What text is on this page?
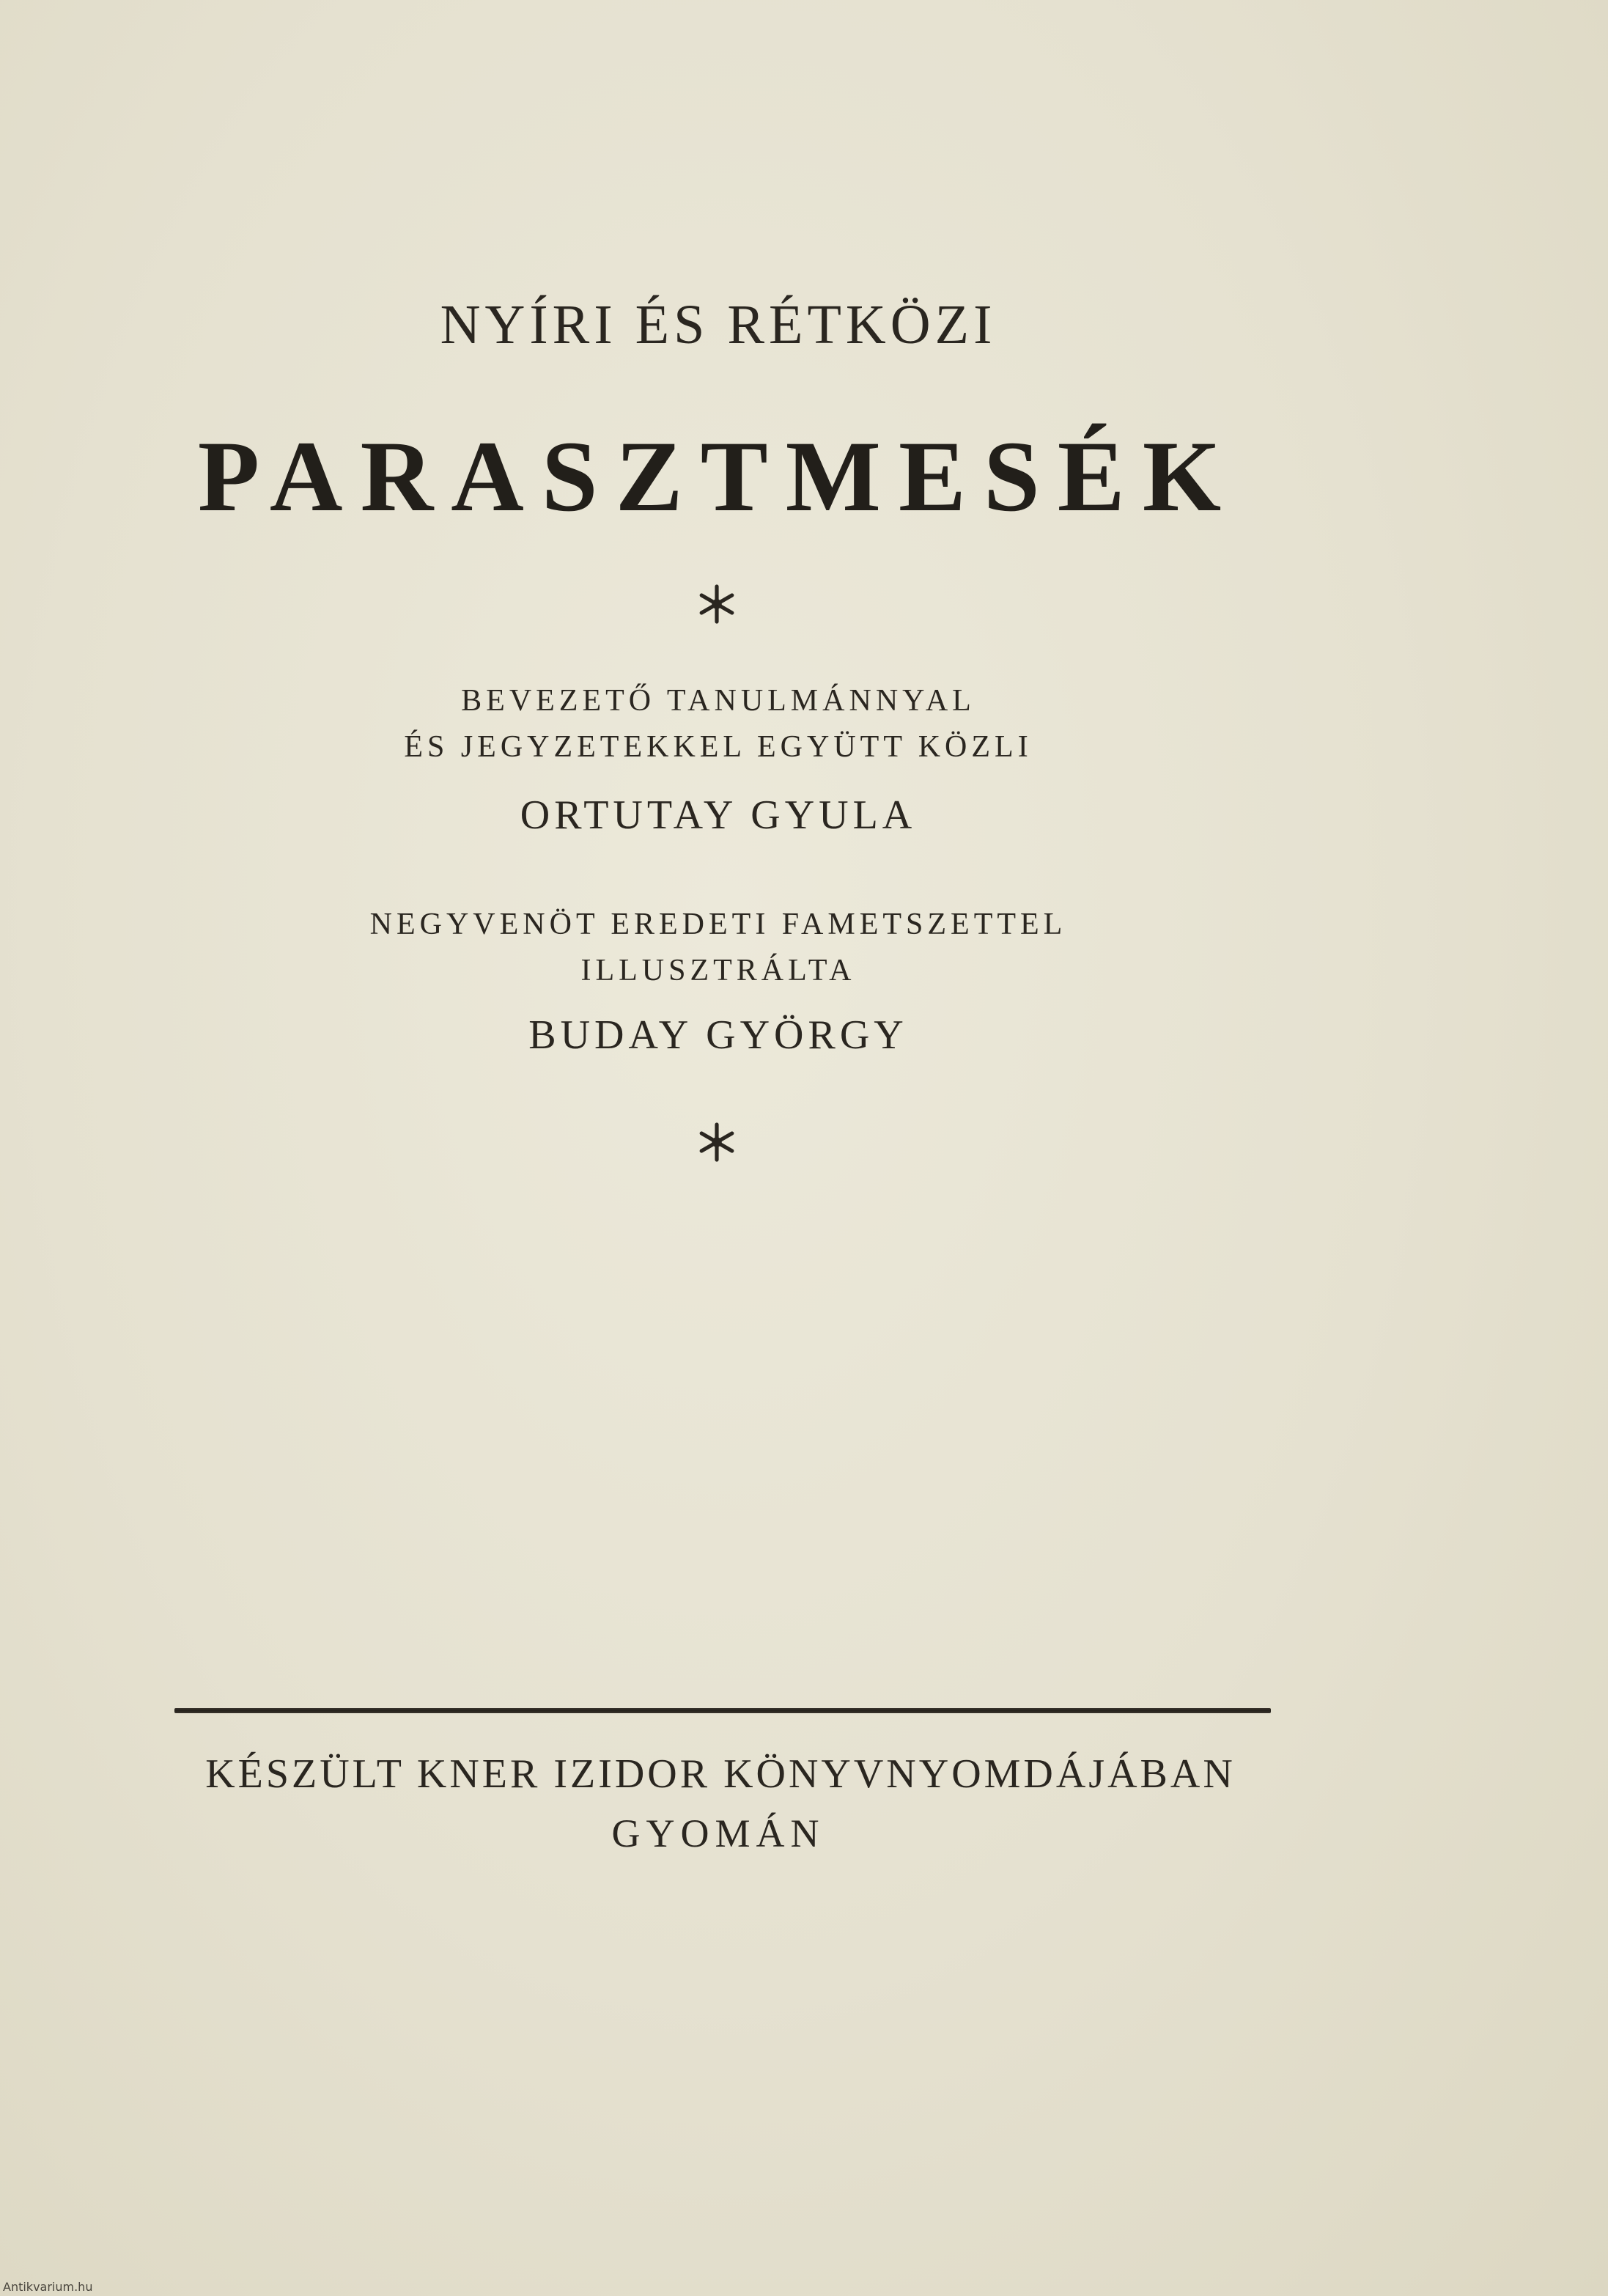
NYÍRI ÉS RÉTKÖZI

PARASZTMESÉK

BEVEZETŐ TANULMÁNNYAL

ÉS JEGYZETEKKEL EGYÜTT KÖZLI

ORTUTAY GYULA

NEGYVENÖT EREDETI FAMETSZETTEL

ILLUSZTRÁLTA

BUDAY GYÖRGY

KÉSZÜLT KNER IZIDOR KÖNYVNYOMDÁJÁBAN

GYOMÁN

Antikvarium.hu
